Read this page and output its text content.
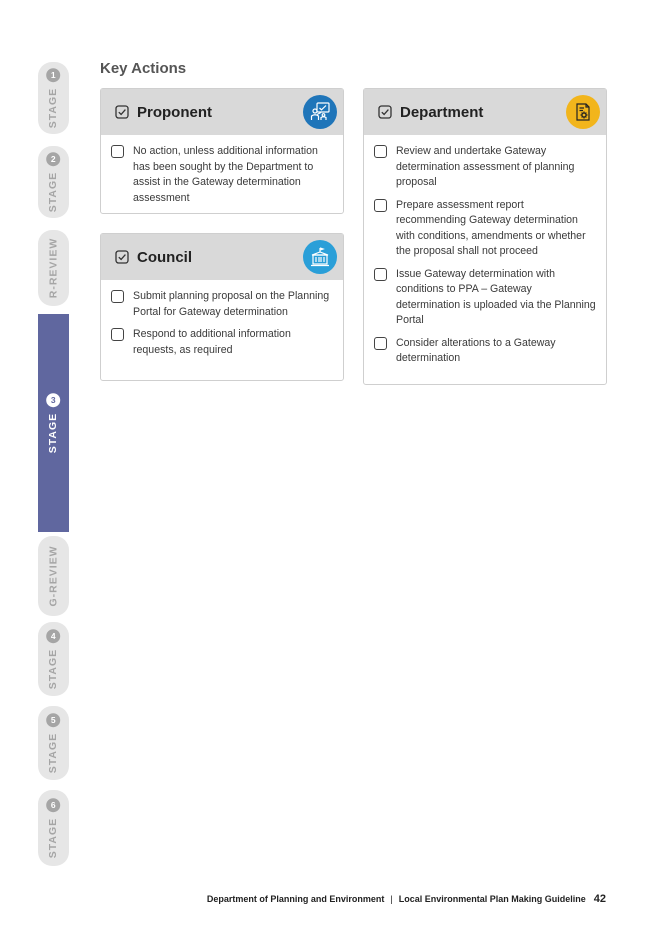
STAGE
1
STAGE
2
R-REVIEW
STAGE
3
G-REVIEW
STAGE
4
STAGE
5
STAGE
6
Key Actions
Proponent
No action, unless additional information has been sought by the Department to assist in the Gateway determination assessment
Council
Submit planning proposal on the Planning Portal for Gateway determination
Respond to additional information requests, as required
Department
Review and undertake Gateway determination assessment of planning proposal
Prepare assessment report recommending Gateway determination with conditions, amendments or whether the proposal shall not proceed
Issue Gateway determination with conditions to PPA – Gateway determination is uploaded via the Planning Portal
Consider alterations to a Gateway determination
Department of Planning and Environment | Local Environmental Plan Making Guideline 42
